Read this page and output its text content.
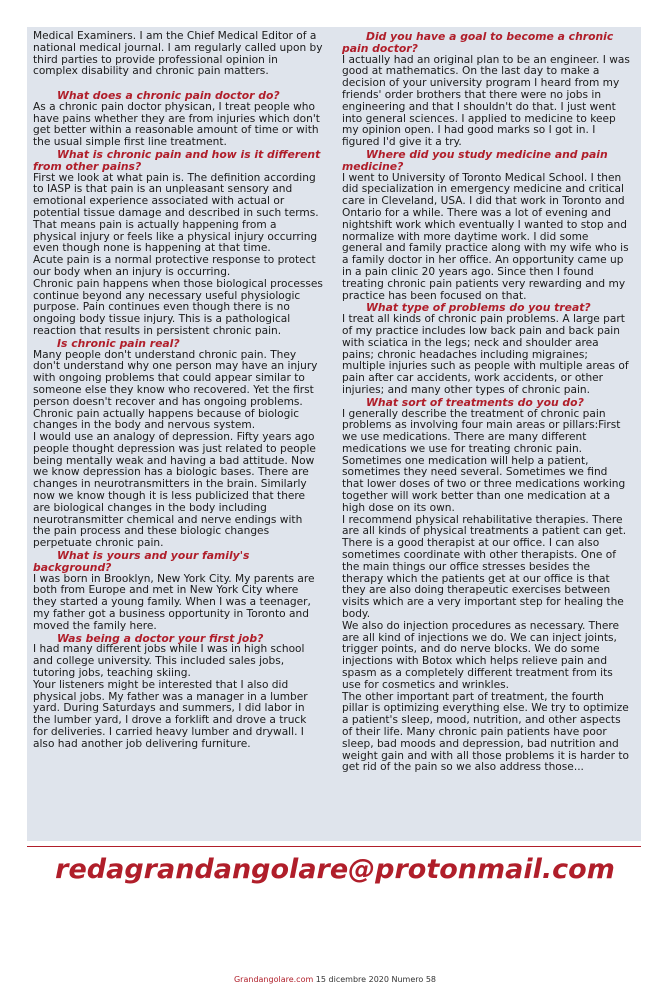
Medical Examiners. I am the Chief Medical Editor of a national medical journal. I am regularly called upon by third parties to provide professional opinion in complex disability and chronic pain matters.

What does a chronic pain doctor do?

As a chronic pain doctor physican, I treat people who have pains whether they are from injuries which don't get better within a reasonable amount of time or with the usual simple first line treatment.

What is chronic pain and how is it different from other pains?

First we look at what pain is. The definition according to IASP is that pain is an unpleasant sensory and emotional experience associated with actual or potential tissue damage and described in such terms.

That means pain is actually happening from a physical injury or feels like a physical injury occurring even though none is happening at that time.

Acute pain is a normal protective response to protect our body when an injury is occurring.

Chronic pain happens when those biological processes continue beyond any necessary useful physiologic purpose. Pain continues even though there is no ongoing body tissue injury. This is a pathological reaction that results in persistent chronic pain.

Is chronic pain real?

Many people don't understand chronic pain. They don't understand why one person may have an injury with ongoing problems that could appear similar to someone else they know who recovered. Yet the first person doesn't recover and has ongoing problems. Chronic pain actually happens because of biologic changes in the body and nervous system.

I would use an analogy of depression. Fifty years ago people thought depression was just related to people being mentally weak and having a bad attitude. Now we know depression has a biologic bases. There are changes in neurotransmitters in the brain. Similarly now we know though it is less publicized that there are biological changes in the body including neurotransmitter chemical and nerve endings with the pain process and these biologic changes perpetuate chronic pain.

What is yours and your family's background?

I was born in Brooklyn, New York City. My parents are both from Europe and met in New York City where they started a young family. When I was a teenager, my father got a business opportunity in Toronto and moved the family here.

Was being a doctor your first job?

I had many different jobs while I was in high school and college university. This included sales jobs, tutoring jobs, teaching skiing.

Your listeners might be interested that I also did physical jobs. My father was a manager in a lumber yard. During Saturdays and summers, I did labor in the lumber yard, I drove a forklift and drove a truck for deliveries. I carried heavy lumber and drywall. I also had another job delivering furniture.

Did you have a goal to become a chronic pain doctor?

I actually had an original plan to be an engineer. I was good at mathematics. On the last day to make a decision of your university program I heard from my friends' order brothers that there were no jobs in engineering and that I shouldn't do that. I just went into general sciences. I applied to medicine to keep my opinion open. I had good marks so I got in. I figured I'd give it a try.

Where did you study medicine and pain medicine?

I went to University of Toronto Medical School. I then did specialization in emergency medicine and critical care in Cleveland, USA. I did that work in Toronto and Ontario for a while. There was a lot of evening and nightshift work which eventually I wanted to stop and normalize with more daytime work. I did some general and family practice along with my wife who is a family doctor in her office. An opportunity came up in a pain clinic 20 years ago. Since then I found treating chronic pain patients very rewarding and my practice has been focused on that.

What type of problems do you treat?

I treat all kinds of chronic pain problems. A large part of my practice includes low back pain and back pain with sciatica in the legs; neck and shoulder area pains; chronic headaches including migraines; multiple injuries such as people with multiple areas of pain after car accidents, work accidents, or other injuries; and many other types of chronic pain.

What sort of treatments do you do?

I generally describe the treatment of chronic pain problems as involving four main areas or pillars:First we use medications. There are many different medications we use for treating chronic pain. Sometimes one medication will help a patient, sometimes they need several. Sometimes we find that lower doses of two or three medications working together will work better than one medication at a high dose on its own.

I recommend physical rehabilitative therapies. There are all kinds of physical treatments a patient can get. There is a good therapist at our office. I can also sometimes coordinate with other therapists. One of the main things our office stresses besides the therapy which the patients get at our office is that they are also doing therapeutic exercises between visits which are a very important step for healing the body.

We also do injection procedures as necessary. There are all kind of injections we do. We can inject joints, trigger points, and do nerve blocks. We do some injections with Botox which helps relieve pain and spasm as a completely different treatment from its use for cosmetics and wrinkles.

The other important part of treatment, the fourth pillar is optimizing everything else. We try to optimize a patient's sleep, mood, nutrition, and other aspects of their life. Many chronic pain patients have poor sleep, bad moods and depression, bad nutrition and weight gain and with all those problems it is harder to get rid of the pain so we also address those...

redagrandangolare@protonmail.com
Grandangolare.com 15 dicembre 2020 Numero 58
